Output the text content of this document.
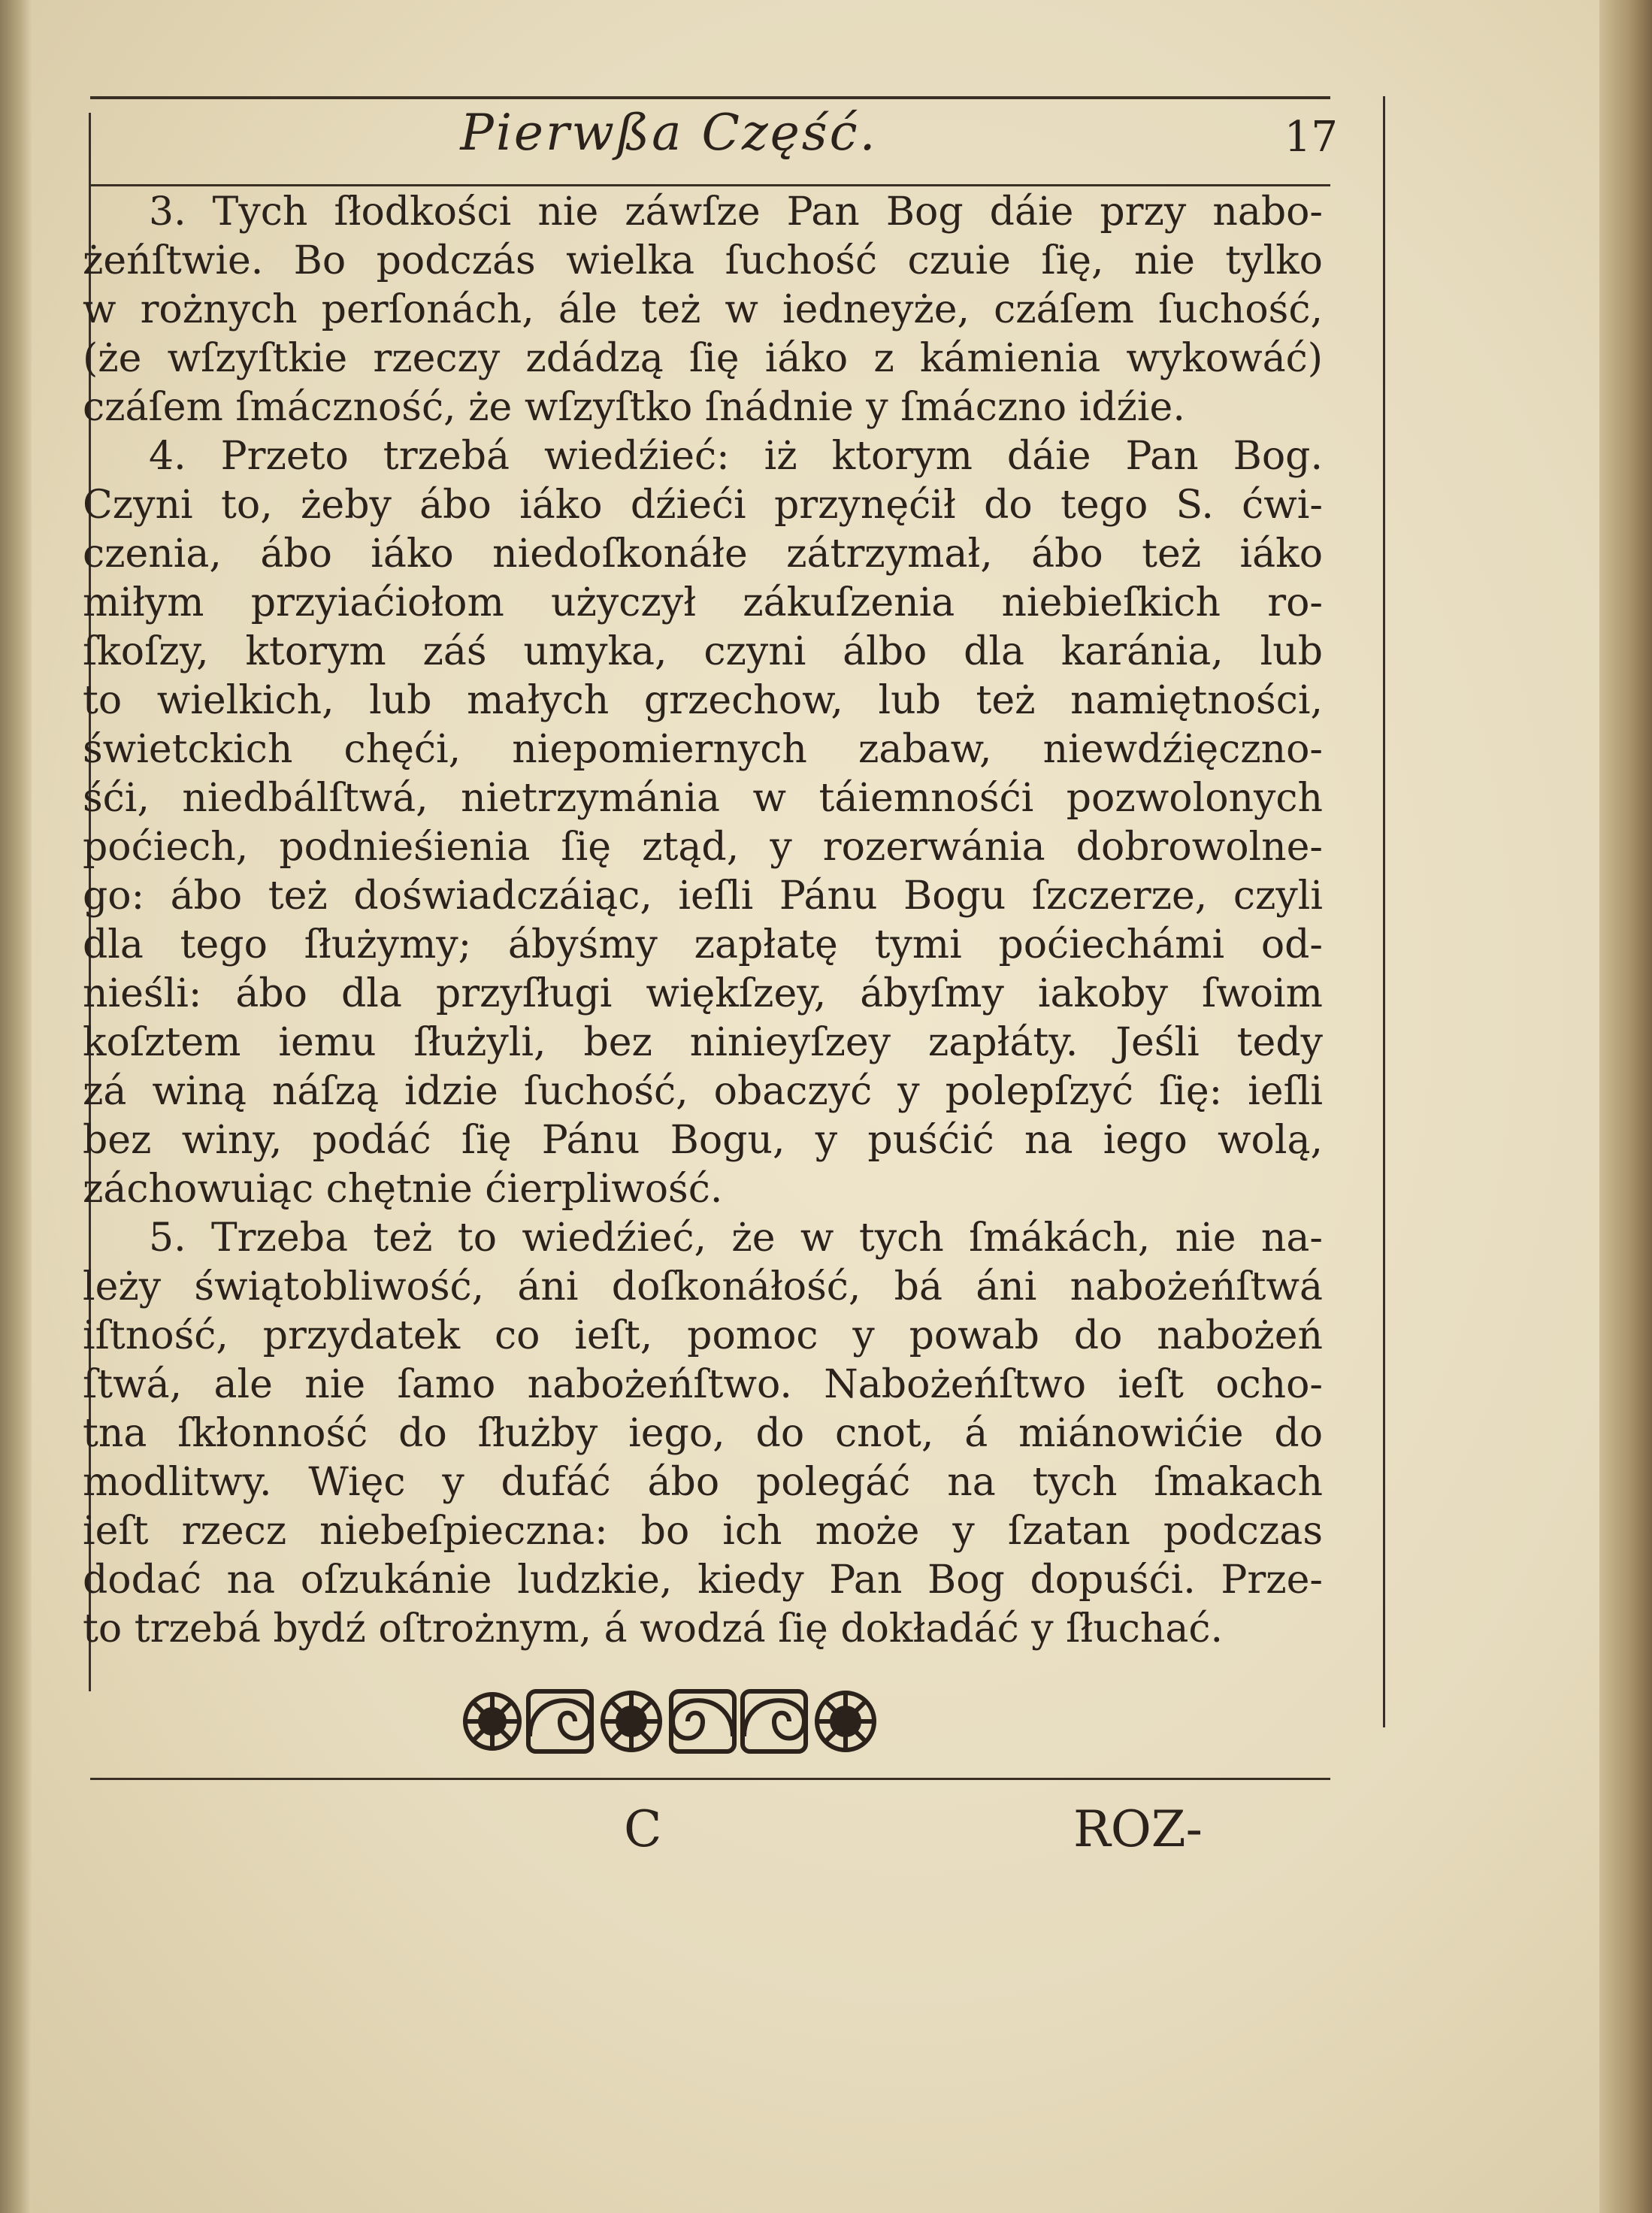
Pierwßa Część.	17
3. Tych ſłodkości nie záwſze Pan Bog dáie przy nabo-
żeńſtwie. Bo podczás wielka ſuchość czuie ſię, nie tylko
w rożnych perſonách, ále też w iedneyże, czáſem ſuchość,
(że wſzyſtkie rzeczy zdádzą ſię iáko z kámienia wykowáć)
czáſem ſmáczność, że wſzyſtko ſnádnie y ſmáczno idźie.
4. Przeto trzebá wiedźieć: iż ktorym dáie Pan Bog.
Czyni to, żeby ábo iáko dźieći przynęćił do tego S. ćwi-
czenia, ábo iáko niedoſkonáłe zátrzymał, ábo też iáko
miłym przyiaćiołom użyczył zákuſzenia niebieſkich ro-
ſkoſzy, ktorym záś umyka, czyni álbo dla karánia, lub
to wielkich, lub małych grzechow, lub też namiętności,
świetckich chęći, niepomiernych zabaw, niewdźięczno-
śći, niedbálſtwá, nietrzymánia w táiemnośći pozwolonych
poćiech, podnieśienia ſię ztąd, y rozerwánia dobrowolne-
go: ábo też doświadczáiąc, ieſli Pánu Bogu ſzczerze, czyli
dla tego ſłużymy; ábyśmy zapłatę tymi poćiechámi od-
nieśli: ábo dla przyſługi więkſzey, ábyſmy iakoby ſwoim
koſztem iemu ſłużyli, bez ninieyſzey zapłáty. Jeśli tedy
zá winą náſzą idzie ſuchość, obaczyć y polepſzyć ſię: ieſli
bez winy, podáć ſię Pánu Bogu, y puśćić na iego wolą,
záchowuiąc chętnie ćierpliwość.
5. Trzeba też to wiedźieć, że w tych ſmákách, nie na-
leży świątobliwość, áni doſkonáłość, bá áni nabożeńſtwá
iſtność, przydatek co ieſt, pomoc y powab do nabożeń
ſtwá, ale nie ſamo nabożeńſtwo. Nabożeńſtwo ieſt ocho-
tna ſkłonność do ſłużby iego, do cnot, á miánowićie do
modlitwy. Więc y dufáć ábo polegáć na tych ſmakach
ieſt rzecz niebeſpieczna: bo ich może y ſzatan podczas
dodać na oſzukánie ludzkie, kiedy Pan Bog dopuśći. Prze-
to trzebá bydź oſtrożnym, á wodzá ſię dokładáć y ſłuchać.
C	ROZ-
